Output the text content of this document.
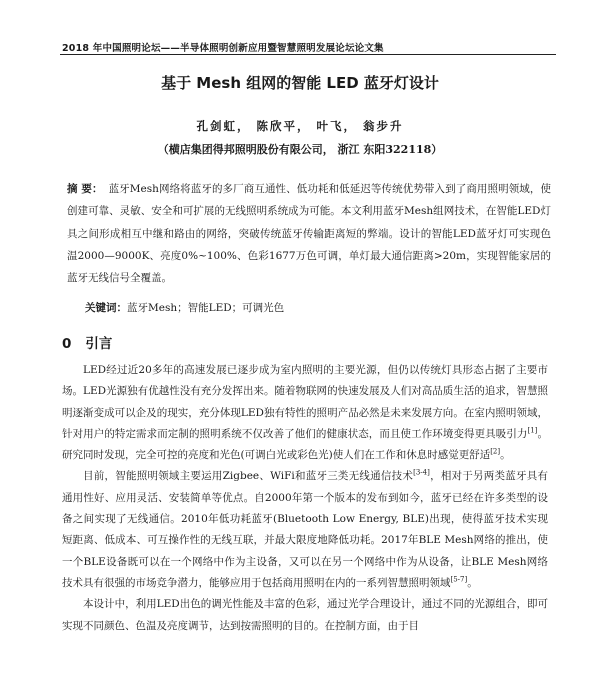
2018 年中国照明论坛——半导体照明创新应用暨智慧照明发展论坛论文集
基于 Mesh 组网的智能 LED 蓝牙灯设计
孔剑虹， 陈欣平， 叶飞， 翁步升
（横店集团得邦照明股份有限公司， 浙江 东阳322118）
摘 要： 蓝牙Mesh网络将蓝牙的多厂商互通性、低功耗和低延迟等传统优势带入到了商用照明领域，使创建可靠、灵敏、安全和可扩展的无线照明系统成为可能。本文利用蓝牙Mesh组网技术，在智能LED灯具之间形成相互中继和路由的网络，突破传统蓝牙传输距离短的弊端。设计的智能LED蓝牙灯可实现色温2000—9000K、亮度0%~100%、色彩1677万色可调，单灯最大通信距离>20m，实现智能家居的蓝牙无线信号全覆盖。
关键词：蓝牙Mesh；智能LED；可调光色
0 引言

LED经过近20多年的高速发展已逐步成为室内照明的主要光源，但仍以传统灯具形态占据了主要市场。LED光源独有优越性没有充分发挥出来。随着物联网的快速发展及人们对高品质生活的追求，智慧照明逐渐变成可以企及的现实，充分体现LED独有特性的照明产品必然是未来发展方向。在室内照明领域，针对用户的特定需求而定制的照明系统不仅改善了他们的健康状态，而且使工作环境变得更具吸引力[1]。研究同时发现，完全可控的亮度和光色(可调白光或彩色光)使人们在工作和休息时感觉更舒适[2]。

目前，智能照明领域主要运用Zigbee、WiFi和蓝牙三类无线通信技术[3-4]，相对于另两类蓝牙具有通用性好、应用灵活、安装简单等优点。自2000年第一个版本的发布到如今，蓝牙已经在许多类型的设备之间实现了无线通信。2010年低功耗蓝牙(Bluetooth Low Energy, BLE)出现，使得蓝牙技术实现短距离、低成本、可互操作性的无线互联，并最大限度地降低功耗。2017年BLE Mesh网络的推出，使一个BLE设备既可以在一个网络中作为主设备，又可以在另一个网络中作为从设备，让BLE Mesh网络技术具有很强的市场竞争潜力，能够应用于包括商用照明在内的一系列智慧照明领域[5-7]。

本设计中，利用LED出色的调光性能及丰富的色彩，通过光学合理设计，通过不同的光源组合，即可实现不同颜色、色温及亮度调节，达到按需照明的目的。在控制方面，由于目
